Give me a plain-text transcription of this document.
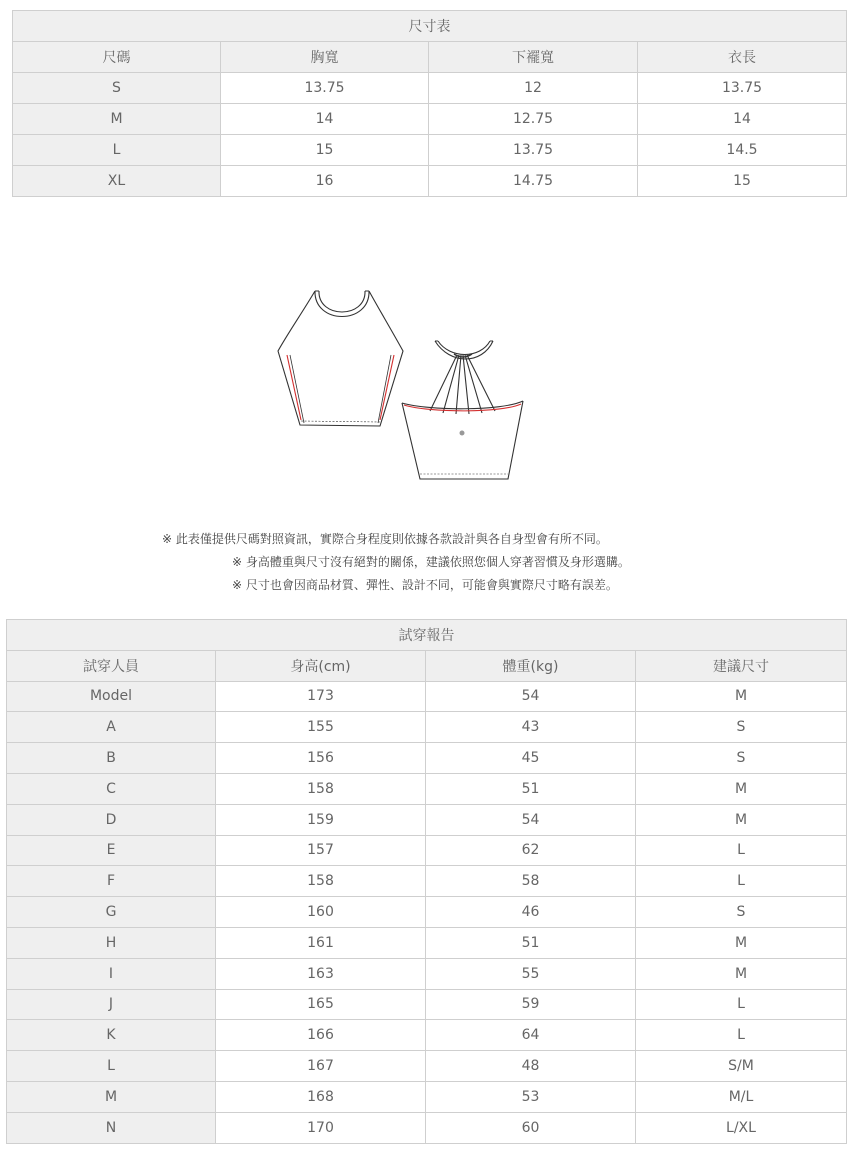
尺寸表			
尺碼	胸寬	下襬寬	衣長
S	13.75	12	13.75
M	14	12.75	14
L	15	13.75	14.5
XL	16	14.75	15
※ 此表僅提供尺碼對照資訊，實際合身程度則依據各款設計與各自身型會有所不同。
※ 身高體重與尺寸沒有絕對的關係，建議依照您個人穿著習慣及身形選購。
※ 尺寸也會因商品材質、彈性、設計不同，可能會與實際尺寸略有誤差。
試穿報告			
試穿人員	身高(cm)	體重(kg)	建議尺寸
Model	173	54	M
A	155	43	S
B	156	45	S
C	158	51	M
D	159	54	M
E	157	62	L
F	158	58	L
G	160	46	S
H	161	51	M
I	163	55	M
J	165	59	L
K	166	64	L
L	167	48	S/M
M	168	53	M/L
N	170	60	L/XL
